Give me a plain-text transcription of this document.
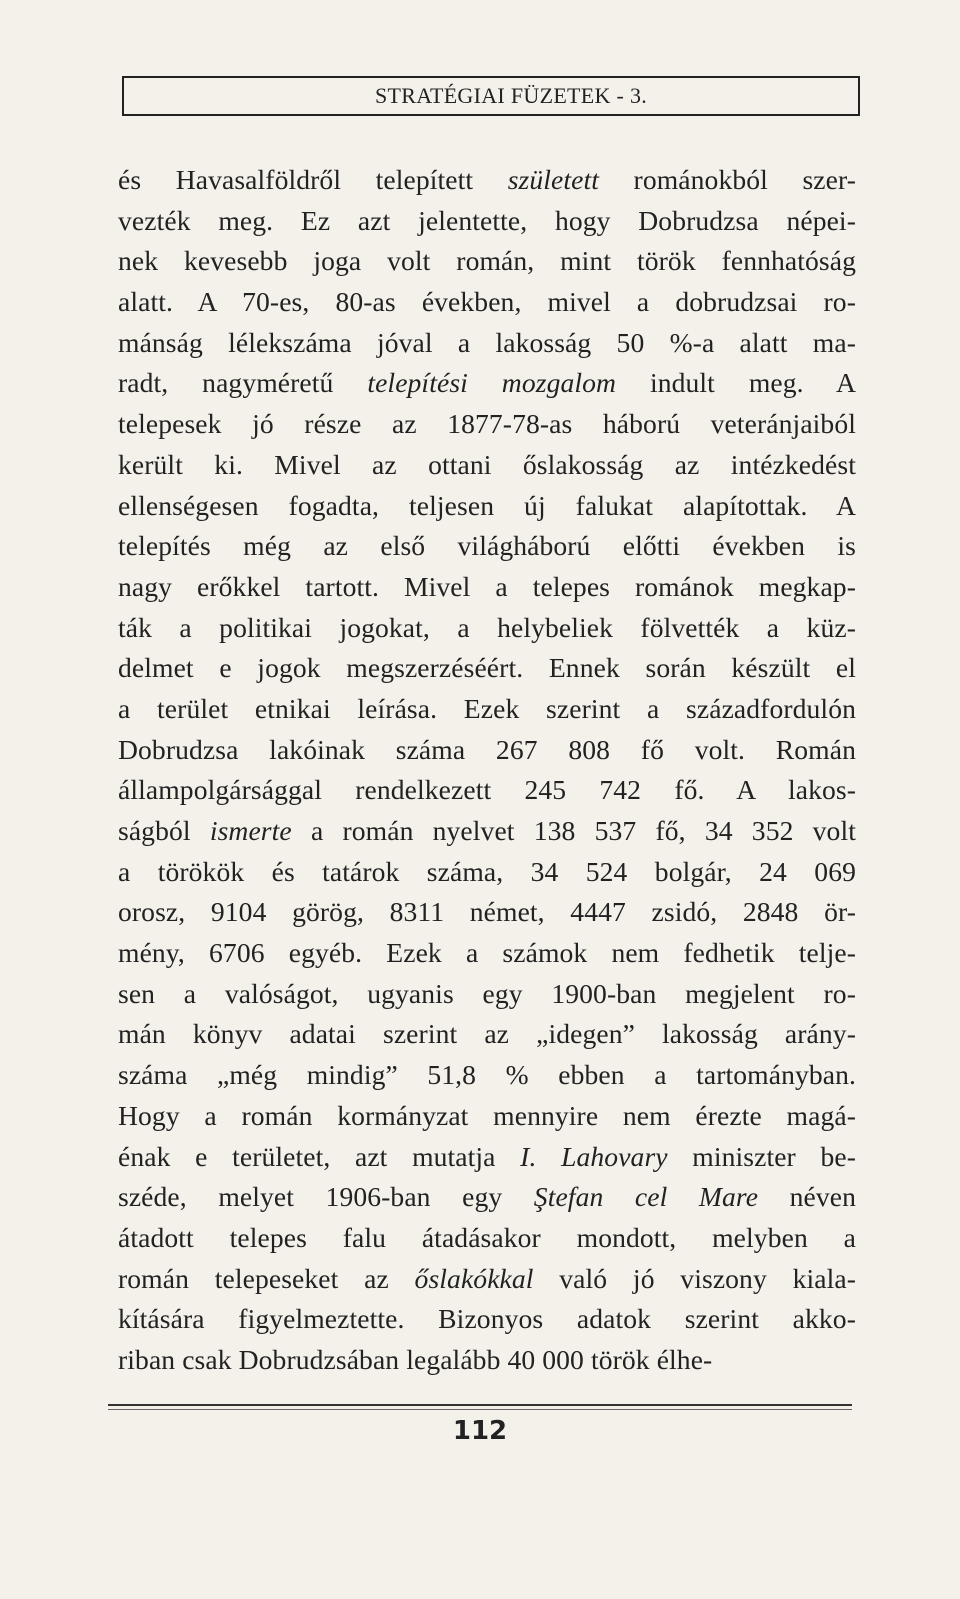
STRATÉGIAI FÜZETEK - 3.
és Havasalföldről telepített született románokból szer-
vezték meg. Ez azt jelentette, hogy Dobrudzsa népei-
nek kevesebb joga volt román, mint török fennhatóság
alatt. A 70-es, 80-as években, mivel a dobrudzsai ro-
mánság lélekszáma jóval a lakosság 50 %-a alatt ma-
radt, nagyméretű telepítési mozgalom indult meg. A
telepesek jó része az 1877-78-as háború veteránjaiból
került ki. Mivel az ottani őslakosság az intézkedést
ellenségesen fogadta, teljesen új falukat alapítottak. A
telepítés még az első világháború előtti években is
nagy erőkkel tartott. Mivel a telepes románok megkap-
ták a politikai jogokat, a helybeliek fölvették a küz-
delmet e jogok megszerzéséért. Ennek során készült el
a terület etnikai leírása. Ezek szerint a századfordulón
Dobrudzsa lakóinak száma 267 808 fő volt. Román
állampolgársággal rendelkezett 245 742 fő. A lakos-
ságból ismerte a román nyelvet 138 537 fő, 34 352 volt
a törökök és tatárok száma, 34 524 bolgár, 24 069
orosz, 9104 görög, 8311 német, 4447 zsidó, 2848 ör-
mény, 6706 egyéb. Ezek a számok nem fedhetik telje-
sen a valóságot, ugyanis egy 1900-ban megjelent ro-
mán könyv adatai szerint az „idegen” lakosság arány-
száma „még mindig” 51,8 % ebben a tartományban.
Hogy a román kormányzat mennyire nem érezte magá-
énak e területet, azt mutatja I. Lahovary miniszter be-
széde, melyet 1906-ban egy Ştefan cel Mare néven
átadott telepes falu átadásakor mondott, melyben a
román telepeseket az őslakókkal való jó viszony kiala-
kítására figyelmeztette. Bizonyos adatok szerint akko-
riban csak Dobrudzsában legalább 40 000 török élhe-
112
